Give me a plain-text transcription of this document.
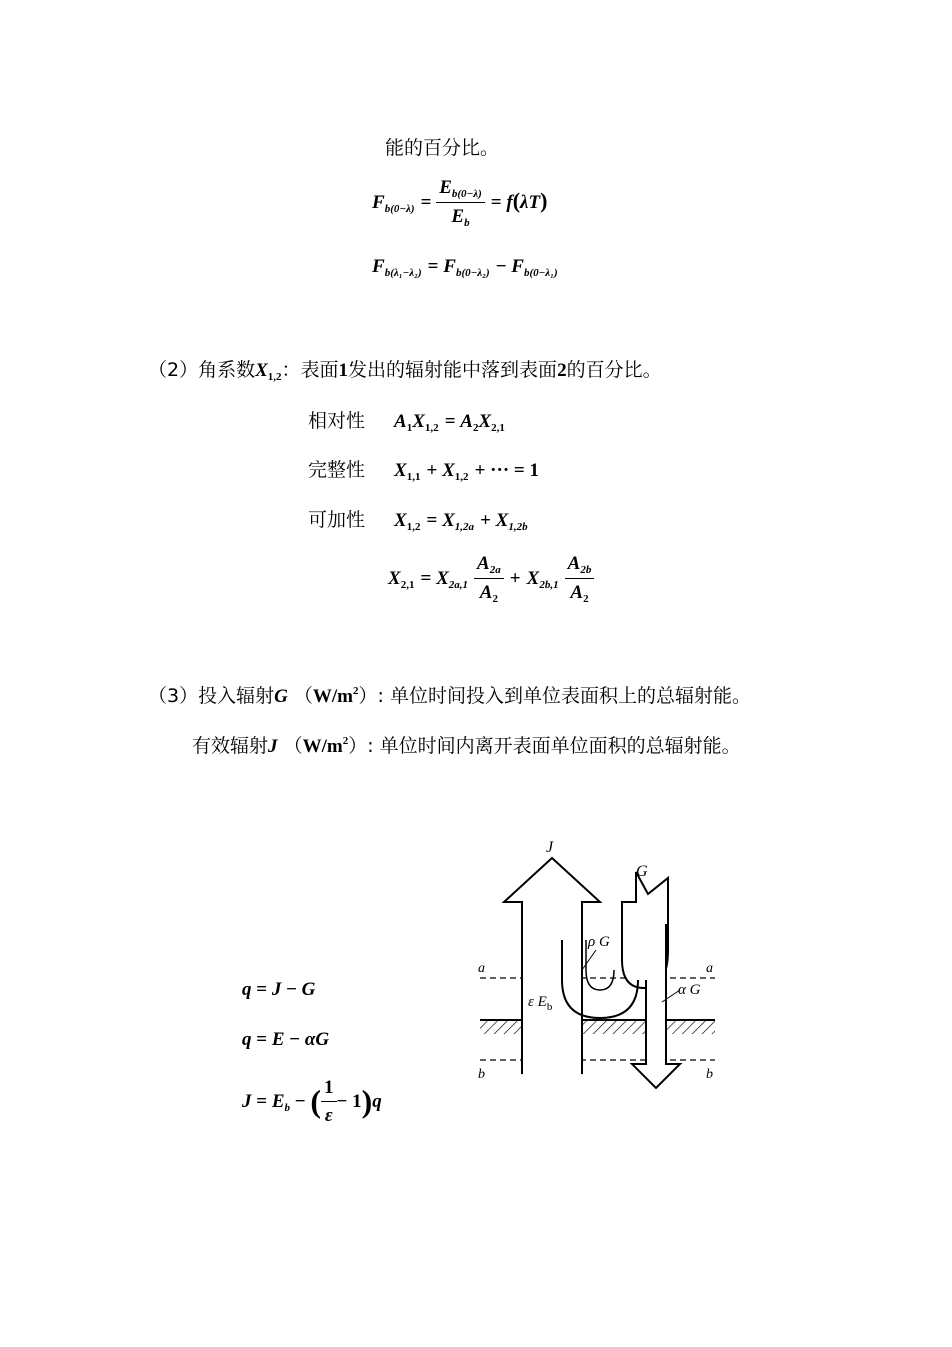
能的百分比。
$F_{b(0-\lambda)} = \frac{E_{b(0-\lambda)}}{E_b} = f(\lambda T)$
$F_{b(\lambda_1-\lambda_2)} = F_{b(0-\lambda_2)} - F_{b(0-\lambda_1)}$
（2）角系数$X_{1,2}$：表面1发出的辐射能中落到表面2的百分比。
相对性 $A_1X_{1,2} = A_2X_{2,1}$
完整性 $X_{1,1} + X_{1,2}$ + ··· = 1
可加性 $X_{1,2} = X_{1,2a} + X_{1,2b}$
$X_{2,1} = X_{2a,1} \frac{A_{2a}}{A_2} + X_{2b,1} \frac{A_{2b}}{A_2}$
（3）投入辐射G $(W/m^2)$: 单位时间投入到单位表面积上的总辐射能。
有效辐射J $(W/m^2)$: 单位时间内离开表面单位面积的总辐射能。
q = J − G
q = E − αG
$J = E_b$ − ( $\frac{1}{\varepsilon} - 1)q$
J
G
ρ G
α G
ε $E_b$
a	a
b	b
